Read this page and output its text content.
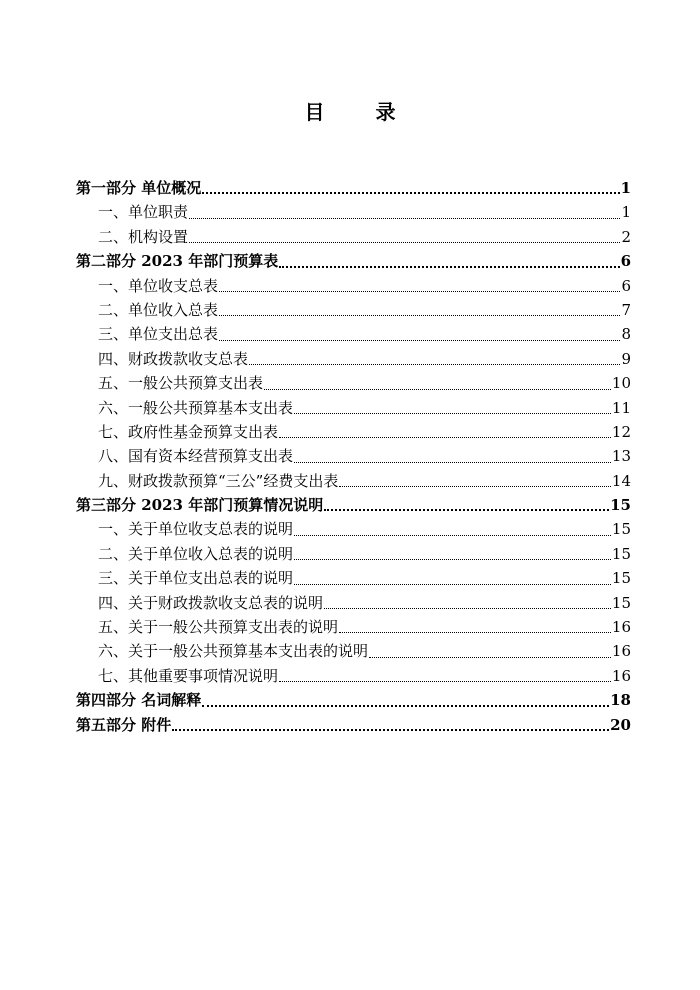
目 录
第一部分 单位概况	1
一、单位职责	1
二、机构设置	2
第二部分 2023 年部门预算表	6
一、单位收支总表	6
二、单位收入总表	7
三、单位支出总表	8
四、财政拨款收支总表	9
五、一般公共预算支出表	10
六、一般公共预算基本支出表	11
七、政府性基金预算支出表	12
八、国有资本经营预算支出表	13
九、财政拨款预算“三公”经费支出表	14
第三部分 2023 年部门预算情况说明	15
一、关于单位收支总表的说明	15
二、关于单位收入总表的说明	15
三、关于单位支出总表的说明	15
四、关于财政拨款收支总表的说明	15
五、关于一般公共预算支出表的说明	16
六、关于一般公共预算基本支出表的说明	16
七、其他重要事项情况说明	16
第四部分 名词解释	18
第五部分 附件	20
